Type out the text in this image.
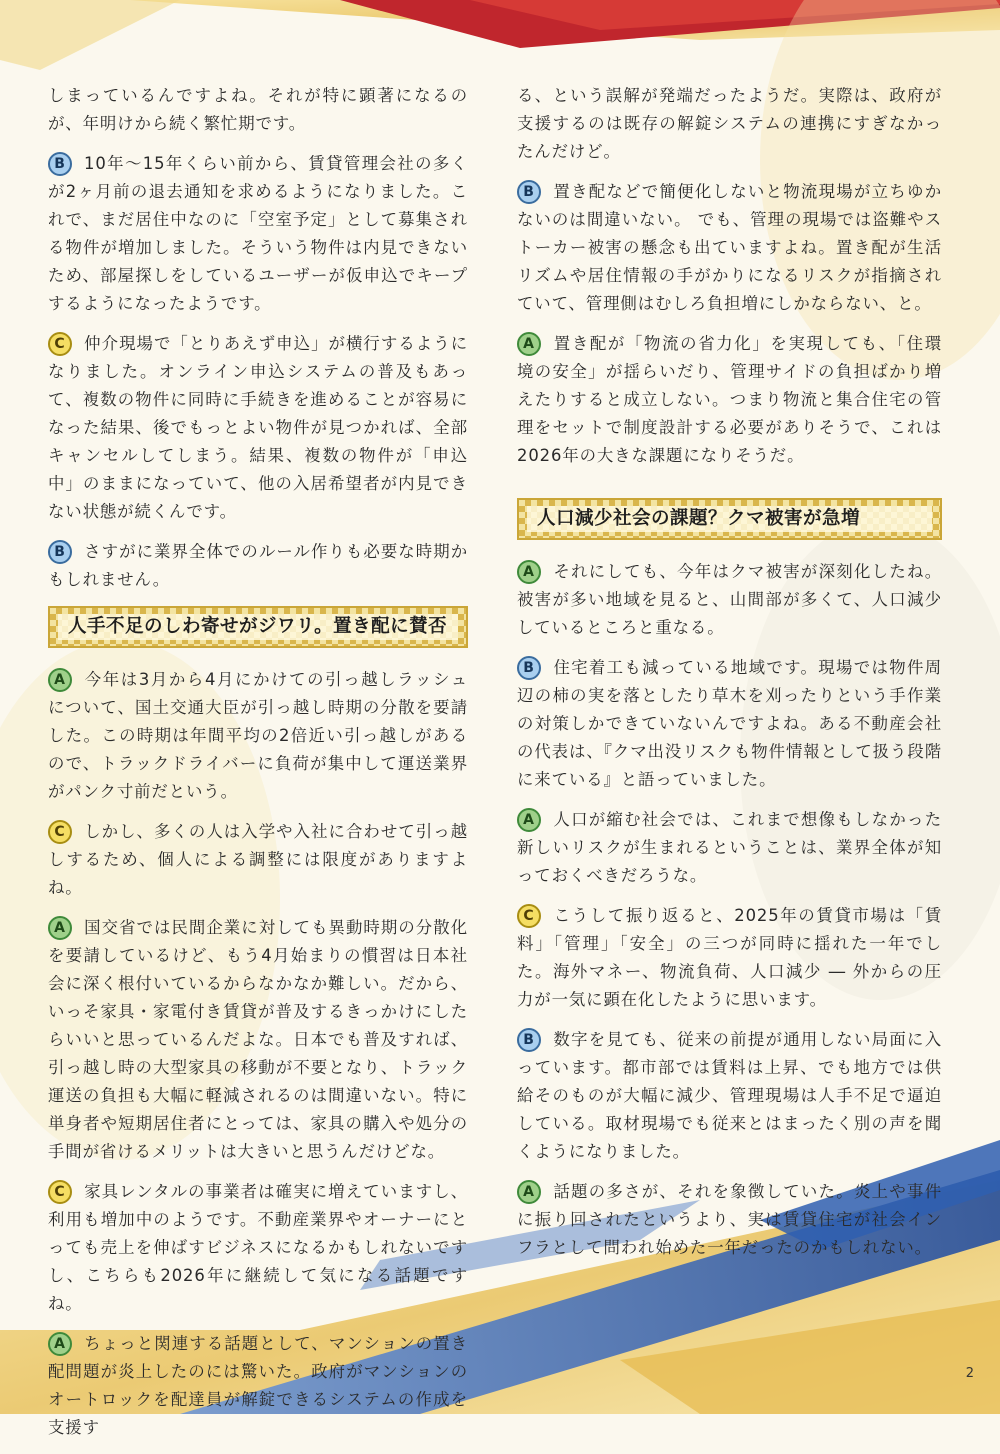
しまっているんですよね。それが特に顕著になるのが、年明けから続く繁忙期です。

B 10年〜15年くらい前から、賃貸管理会社の多くが2ヶ月前の退去通知を求めるようになりました。これで、まだ居住中なのに「空室予定」として募集される物件が増加しました。そういう物件は内見できないため、部屋探しをしているユーザーが仮申込でキープするようになったようです。

C 仲介現場で「とりあえず申込」が横行するようになりました。オンライン申込システムの普及もあって、複数の物件に同時に手続きを進めることが容易になった結果、後でもっとよい物件が見つかれば、全部キャンセルしてしまう。結果、複数の物件が「申込中」のままになっていて、他の入居希望者が内見できない状態が続くんです。

B さすがに業界全体でのルール作りも必要な時期かもしれません。

人手不足のしわ寄せがジワリ。置き配に賛否

A 今年は3月から4月にかけての引っ越しラッシュについて、国土交通大臣が引っ越し時期の分散を要請した。この時期は年間平均の2倍近い引っ越しがあるので、トラックドライバーに負荷が集中して運送業界がパンク寸前だという。

C しかし、多くの人は入学や入社に合わせて引っ越しするため、個人による調整には限度がありますよね。

A 国交省では民間企業に対しても異動時期の分散化を要請しているけど、もう4月始まりの慣習は日本社会に深く根付いているからなかなか難しい。だから、いっそ家具・家電付き賃貸が普及するきっかけにしたらいいと思っているんだよな。日本でも普及すれば、引っ越し時の大型家具の移動が不要となり、トラック運送の負担も大幅に軽減されるのは間違いない。特に単身者や短期居住者にとっては、家具の購入や処分の手間が省けるメリットは大きいと思うんだけどな。

C 家具レンタルの事業者は確実に増えていますし、利用も増加中のようです。不動産業界やオーナーにとっても売上を伸ばすビジネスになるかもしれないですし、こちらも2026年に継続して気になる話題ですね。

A ちょっと関連する話題として、マンションの置き配問題が炎上したのには驚いた。政府がマンションのオートロックを配達員が解錠できるシステムの作成を支援す

る、という誤解が発端だったようだ。実際は、政府が支援するのは既存の解錠システムの連携にすぎなかったんだけど。

B 置き配などで簡便化しないと物流現場が立ちゆかないのは間違いない。 でも、管理の現場では盗難やストーカー被害の懸念も出ていますよね。置き配が生活リズムや居住情報の手がかりになるリスクが指摘されていて、管理側はむしろ負担増にしかならない、と。

A 置き配が「物流の省力化」を実現しても、「住環境の安全」が揺らいだり、管理サイドの負担ばかり増えたりすると成立しない。つまり物流と集合住宅の管理をセットで制度設計する必要がありそうで、これは2026年の大きな課題になりそうだ。

人口減少社会の課題？クマ被害が急増

A それにしても、今年はクマ被害が深刻化したね。被害が多い地域を見ると、山間部が多くて、人口減少しているところと重なる。

B 住宅着工も減っている地域です。現場では物件周辺の柿の実を落としたり草木を刈ったりという手作業の対策しかできていないんですよね。ある不動産会社の代表は、『クマ出没リスクも物件情報として扱う段階に来ている』と語っていました。

A 人口が縮む社会では、これまで想像もしなかった新しいリスクが生まれるということは、業界全体が知っておくべきだろうな。

C こうして振り返ると、2025年の賃貸市場は「賃料」「管理」「安全」の三つが同時に揺れた一年でした。海外マネー、物流負荷、人口減少 ― 外からの圧力が一気に顕在化したように思います。

B 数字を見ても、従来の前提が通用しない局面に入っています。都市部では賃料は上昇、でも地方では供給そのものが大幅に減少、管理現場は人手不足で逼迫している。取材現場でも従来とはまったく別の声を聞くようになりました。

A 話題の多さが、それを象徴していた。炎上や事件に振り回されたというより、実は賃貸住宅が社会インフラとして問われ始めた一年だったのかもしれない。

2
